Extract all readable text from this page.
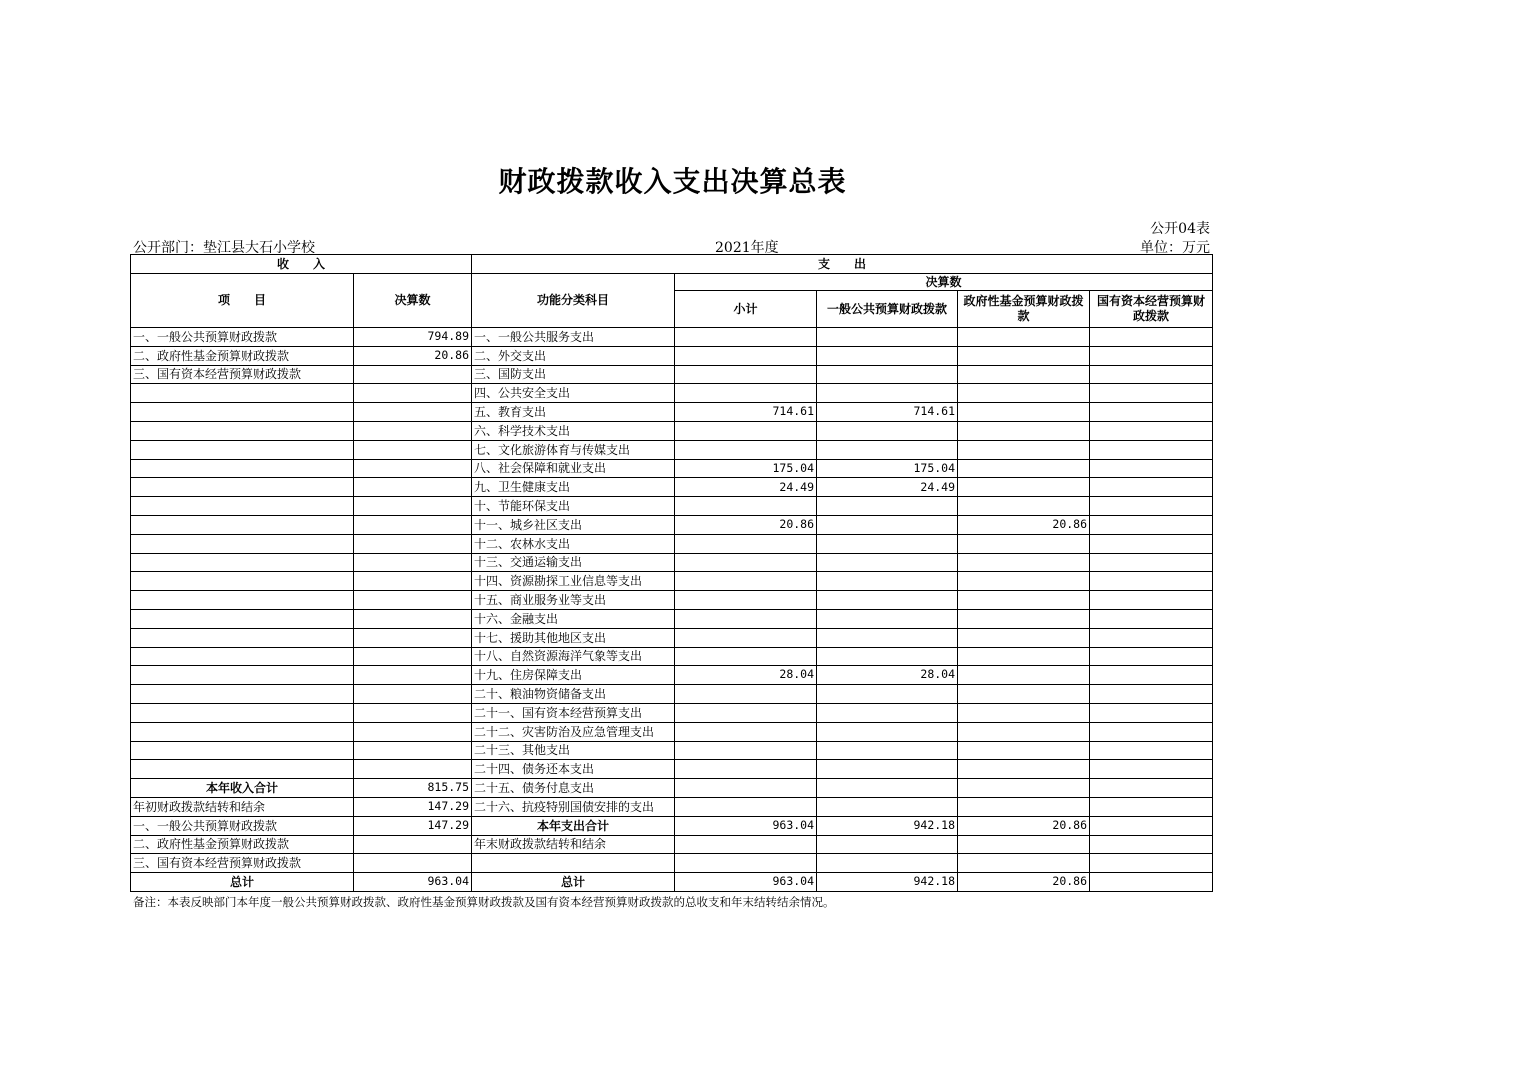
财政拨款收入支出决算总表
公开04表
公开部门：垫江县大石小学校	2021年度	单位：万元
收　　入		支　　出				
项　　目	决算数	功能分类科目	决算数			
			小计	一般公共预算财政拨款	政府性基金预算财政拨款	国有资本经营预算财政拨款
一、一般公共预算财政拨款	794.89	一、一般公共服务支出				
二、政府性基金预算财政拨款	20.86	二、外交支出				
三、国有资本经营预算财政拨款		三、国防支出				
		四、公共安全支出				
		五、教育支出	714.61	714.61		
		六、科学技术支出				
		七、文化旅游体育与传媒支出				
		八、社会保障和就业支出	175.04	175.04		
		九、卫生健康支出	24.49	24.49		
		十、节能环保支出				
		十一、城乡社区支出	20.86		20.86	
		十二、农林水支出				
		十三、交通运输支出				
		十四、资源勘探工业信息等支出				
		十五、商业服务业等支出				
		十六、金融支出				
		十七、援助其他地区支出				
		十八、自然资源海洋气象等支出				
		十九、住房保障支出	28.04	28.04		
		二十、粮油物资储备支出				
		二十一、国有资本经营预算支出				
		二十二、灾害防治及应急管理支出				
		二十三、其他支出				
		二十四、债务还本支出				
本年收入合计	815.75	二十五、债务付息支出				
年初财政拨款结转和结余	147.29	二十六、抗疫特别国债安排的支出				
一、一般公共预算财政拨款	147.29	本年支出合计	963.04	942.18	20.86	
二、政府性基金预算财政拨款		年末财政拨款结转和结余				
三、国有资本经营预算财政拨款						
总计	963.04	总计	963.04	942.18	20.86	
备注：本表反映部门本年度一般公共预算财政拨款、政府性基金预算财政拨款及国有资本经营预算财政拨款的总收支和年末结转结余情况。
